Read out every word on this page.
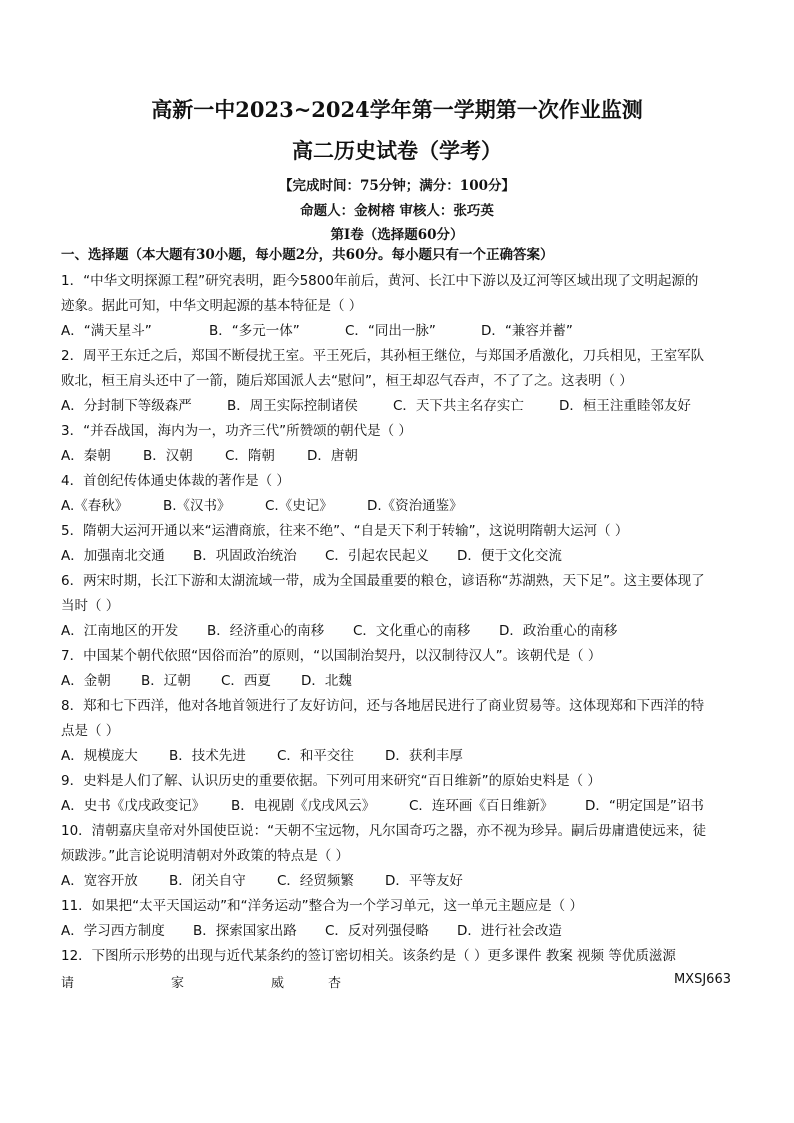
高新一中2023~2024学年第一学期第一次作业监测
高二历史试卷（学考）
【完成时间：75分钟；满分：100分】
命题人：金树榕 审核人：张巧英
第Ⅰ卷（选择题60分）
一、选择题（本大题有30小题，每小题2分，共60分。每小题只有一个正确答案）
1．“中华文明探源工程”研究表明，距今5800年前后，黄河、长江中下游以及辽河等区域出现了文明起源的
迹象。据此可知，中华文明起源的基本特征是（ ）
A．“满天星斗”	B．“多元一体”	C．“同出一脉”	D．“兼容并蓄”
2．周平王东迁之后，郑国不断侵扰王室。平王死后，其孙桓王继位，与郑国矛盾激化，刀兵相见，王室军队
败北，桓王肩头还中了一箭，随后郑国派人去“慰问”，桓王却忍气吞声，不了了之。这表明（ ）
A．分封制下等级森严	B．周王实际控制诸侯	C．天下共主名存实亡	D．桓王注重睦邻友好
3．“并吞战国，海内为一，功齐三代”所赞颂的朝代是（ ）
A．秦朝 B．汉朝 C．隋朝 D．唐朝
4．首创纪传体通史体裁的著作是（ ）
A.《春秋》	B.《汉书》	C.《史记》	D.《资治通鉴》
5．隋朝大运河开通以来“运漕商旅，往来不绝”、“自是天下利于转输”，这说明隋朝大运河（ ）
A．加强南北交通 B．巩固政治统治 C．引起农民起义 D．便于文化交流
6．两宋时期，长江下游和太湖流域一带，成为全国最重要的粮仓，谚语称“苏湖熟，天下足”。这主要体现了
当时（ ）
A．江南地区的开发 B．经济重心的南移 C．文化重心的南移 D．政治重心的南移
7．中国某个朝代依照“因俗而治”的原则，“以国制治契丹，以汉制待汉人”。该朝代是（ ）
A．金朝 B．辽朝 C．西夏 D．北魏
8．郑和七下西洋，他对各地首领进行了友好访问，还与各地居民进行了商业贸易等。这体现郑和下西洋的特
点是（ ）
A．规模庞大 B．技术先进 C．和平交往 D．获利丰厚
9．史料是人们了解、认识历史的重要依据。下列可用来研究“百日维新”的原始史料是（ ）
A．史书《戊戌政变记》 B．电视剧《戊戌风云》 C．连环画《百日维新》 D．“明定国是”诏书
10．清朝嘉庆皇帝对外国使臣说：“天朝不宝远物，凡尔国奇巧之器，亦不视为珍异。嗣后毋庸遣使远来，徒
烦跋涉。”此言论说明清朝对外政策的特点是（ ）
A．宽容开放 B．闭关自守 C．经贸频繁 D．平等友好
11．如果把“太平天国运动”和“洋务运动”整合为一个学习单元，这一单元主题应是（ ）
A．学习西方制度 B．探索国家出路 C．反对列强侵略 D．进行社会改造
12．下图所示形势的出现与近代某条约的签订密切相关。该条约是（ ）更多课件 教案 视频 等优质滋源
请	家	威	杏	MXSJ663
